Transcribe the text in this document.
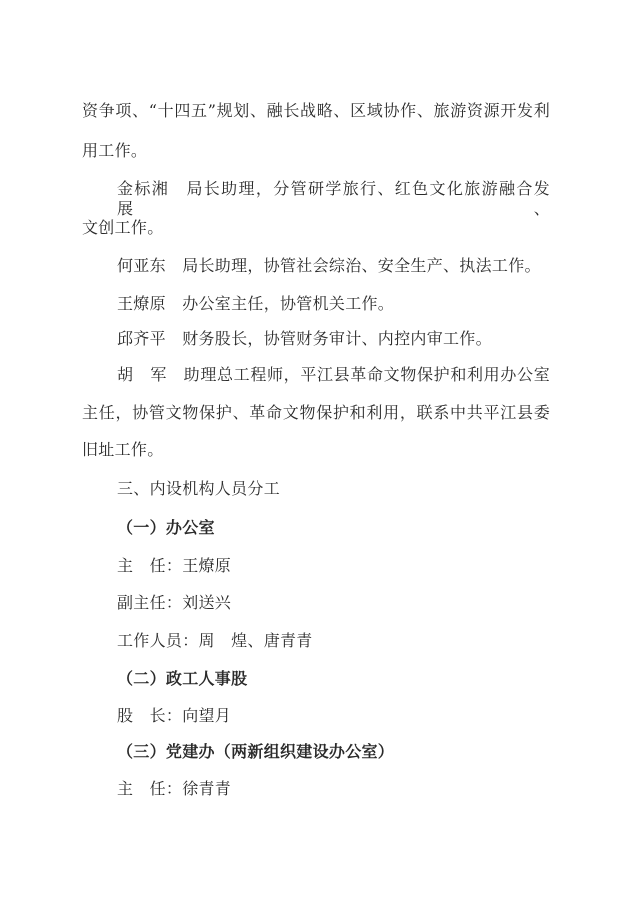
资争项、“十四五”规划、融长战略、区域协作、旅游资源开发利
用工作。
金标湘　局长助理，分管研学旅行、红色文化旅游融合发展、
文创工作。
何亚东　局长助理，协管社会综治、安全生产、执法工作。
王燎原　办公室主任，协管机关工作。
邱齐平　财务股长，协管财务审计、内控内审工作。
胡　军　助理总工程师，平江县革命文物保护和利用办公室
主任，协管文物保护、革命文物保护和利用，联系中共平江县委
旧址工作。
三、内设机构人员分工
（一）办公室
主　任：王燎原
副主任：刘送兴
工作人员：周　煌、唐青青
（二）政工人事股
股　长：向望月
（三）党建办（两新组织建设办公室）
主　任：徐青青
